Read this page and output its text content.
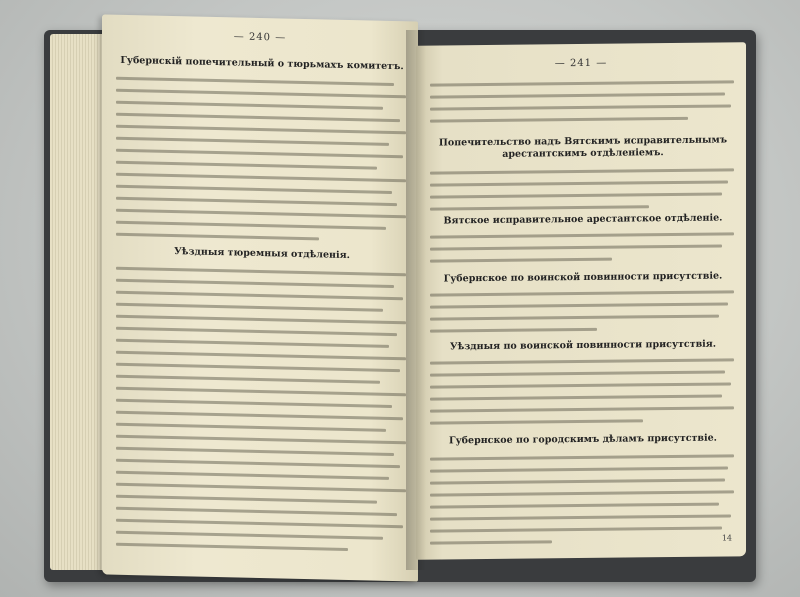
— 240 —
Губернскій попечительный о тюрьмахъ комитетъ.
Уѣздныя тюремныя отдѣленія.
— 241 —
Попечительство надъ Вятскимъ исправительнымъ арестантскимъ отдѣленіемъ.
Вятское исправительное арестантское отдѣленіе.
Губернское по воинской повинности присутствіе.
Уѣздныя по воинской повинности присутствія.
Губернское по городскимъ дѣламъ присутствіе.
14
